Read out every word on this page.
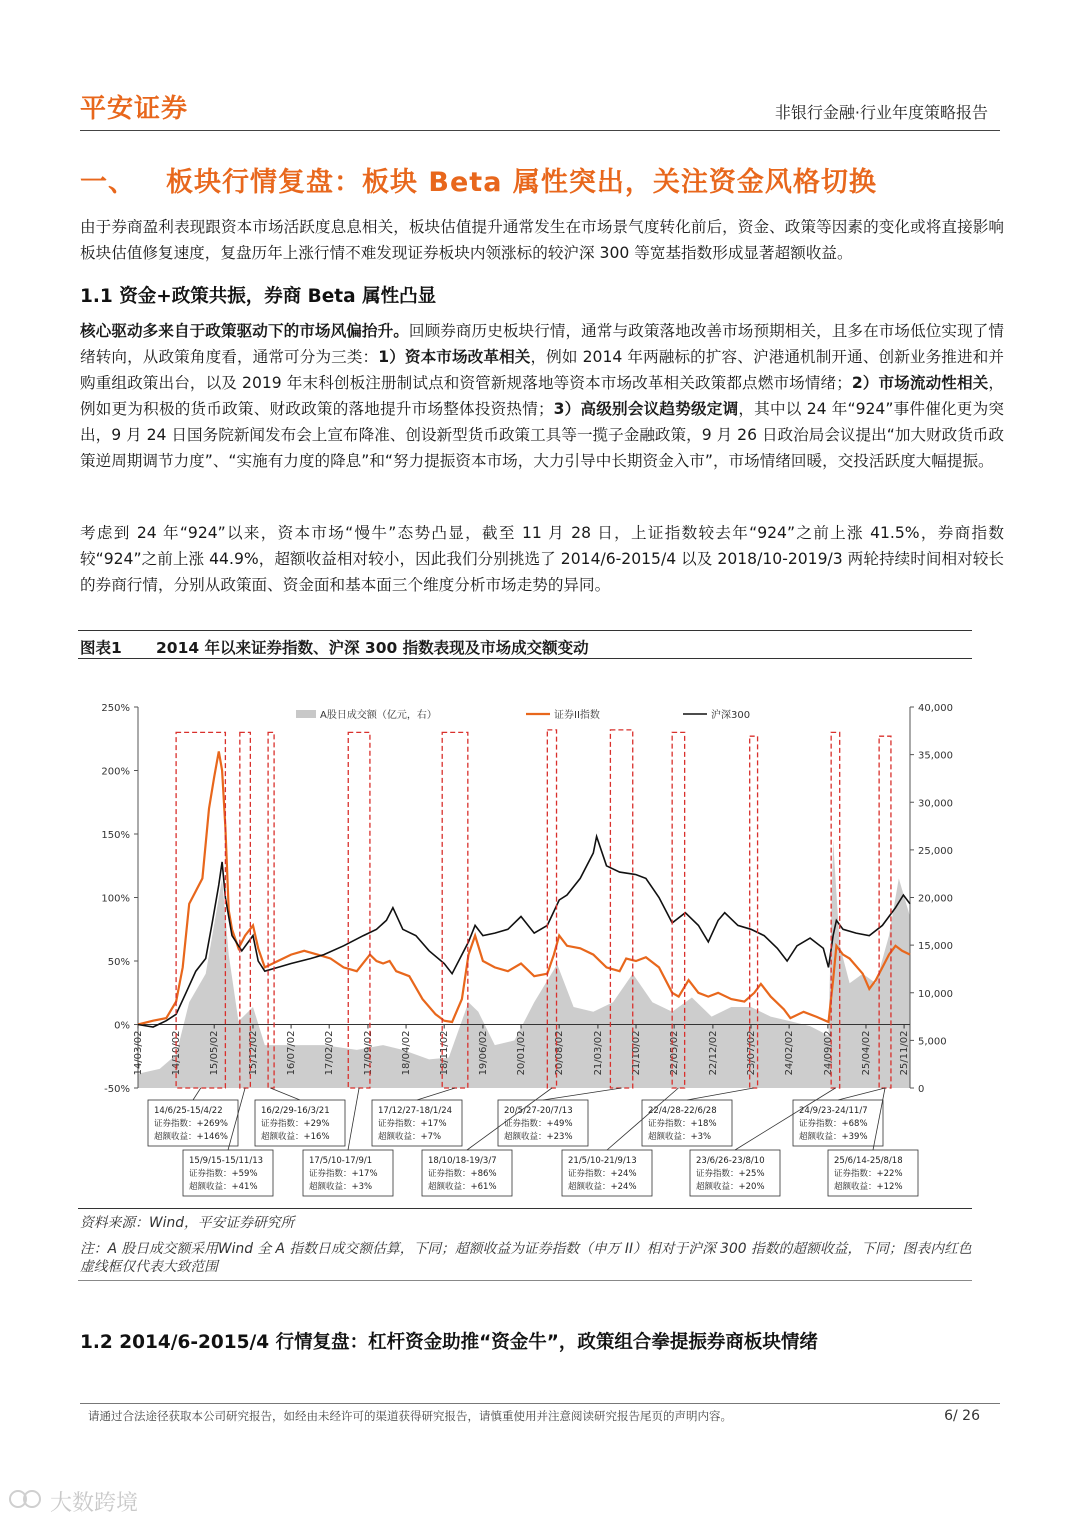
平安证券	非银行金融·行业年度策略报告
一、 板块行情复盘：板块 Beta 属性突出，关注资金风格切换
由于券商盈利表现跟资本市场活跃度息息相关，板块估值提升通常发生在市场景气度转化前后，资金、政策等因素的变化或将直接影响板块估值修复速度，复盘历年上涨行情不难发现证券板块内领涨标的较沪深 300 等宽基指数形成显著超额收益。
1.1 资金+政策共振，券商 Beta 属性凸显
核心驱动多来自于政策驱动下的市场风偏抬升。回顾券商历史板块行情，通常与政策落地改善市场预期相关，且多在市场低位实现了情绪转向，从政策角度看，通常可分为三类：1）资本市场改革相关，例如 2014 年两融标的扩容、沪港通机制开通、创新业务推进和并购重组政策出台，以及 2019 年末科创板注册制试点和资管新规落地等资本市场改革相关政策都点燃市场情绪；2）市场流动性相关，例如更为积极的货币政策、财政政策的落地提升市场整体投资热情；3）高级别会议趋势级定调，其中以 24 年“924”事件催化更为突出，9 月 24 日国务院新闻发布会上宣布降准、创设新型货币政策工具等一揽子金融政策，9 月 26 日政治局会议提出“加大财政货币政策逆周期调节力度”、“实施有力度的降息”和“努力提振资本市场，大力引导中长期资金入市”，市场情绪回暖，交投活跃度大幅提振。
考虑到 24 年“924”以来，资本市场“慢牛”态势凸显，截至 11 月 28 日，上证指数较去年“924”之前上涨 41.5%，券商指数较“924”之前上涨 44.9%，超额收益相对较小，因此我们分别挑选了 2014/6-2015/4 以及 2018/10-2019/3 两轮持续时间相对较长的券商行情，分别从政策面、资金面和基本面三个维度分析市场走势的异同。
图表1 2014 年以来证券指数、沪深 300 指数表现及市场成交额变动
250%
200%
150%
100%
50%
0%
-50%
40,000
35,000
30,000
25,000
20,000
15,000
10,000
5,000
0
14/03/02	14/10/02	15/05/02	15/12/02	16/07/02	17/02/02	17/09/02	18/04/02	18/11/02	19/06/02	20/01/02	20/08/02	21/03/02	21/10/02	22/05/02	22/12/02	23/07/02	24/02/02	24/09/02	25/04/02	25/11/02
14/6/25-15/4/22
证券指数：+269%
超额收益：+146%
16/2/29-16/3/21
证券指数：+29%
超额收益：+16%
17/12/27-18/1/24
证券指数：+17%
超额收益：+7%
20/5/27-20/7/13
证券指数：+49%
超额收益：+23%
22/4/28-22/6/28
证券指数：+18%
超额收益：+3%
24/9/23-24/11/7
证券指数：+68%
超额收益：+39%
15/9/15-15/11/13
证券指数：+59%
超额收益：+41%
17/5/10-17/9/1
证券指数：+17%
超额收益：+3%
18/10/18-19/3/7
证券指数：+86%
超额收益：+61%
21/5/10-21/9/13
证券指数：+24%
超额收益：+24%
23/6/26-23/8/10
证券指数：+25%
超额收益：+20%
25/6/14-25/8/18
证券指数：+22%
超额收益：+12%
A股日成交额（亿元，右）	证券II指数	沪深300
资料来源：Wind，平安证券研究所
注：A 股日成交额采用Wind 全 A 指数日成交额估算，下同；超额收益为证券指数（申万 II）相对于沪深 300 指数的超额收益，下同；图表内红色虚线框仅代表大致范围
1.2 2014/6-2015/4 行情复盘：杠杆资金助推“资金牛”，政策组合拳提振券商板块情绪
请通过合法途径获取本公司研究报告，如经由未经许可的渠道获得研究报告，请慎重使用并注意阅读研究报告尾页的声明内容。	6/ 26
大数跨境
